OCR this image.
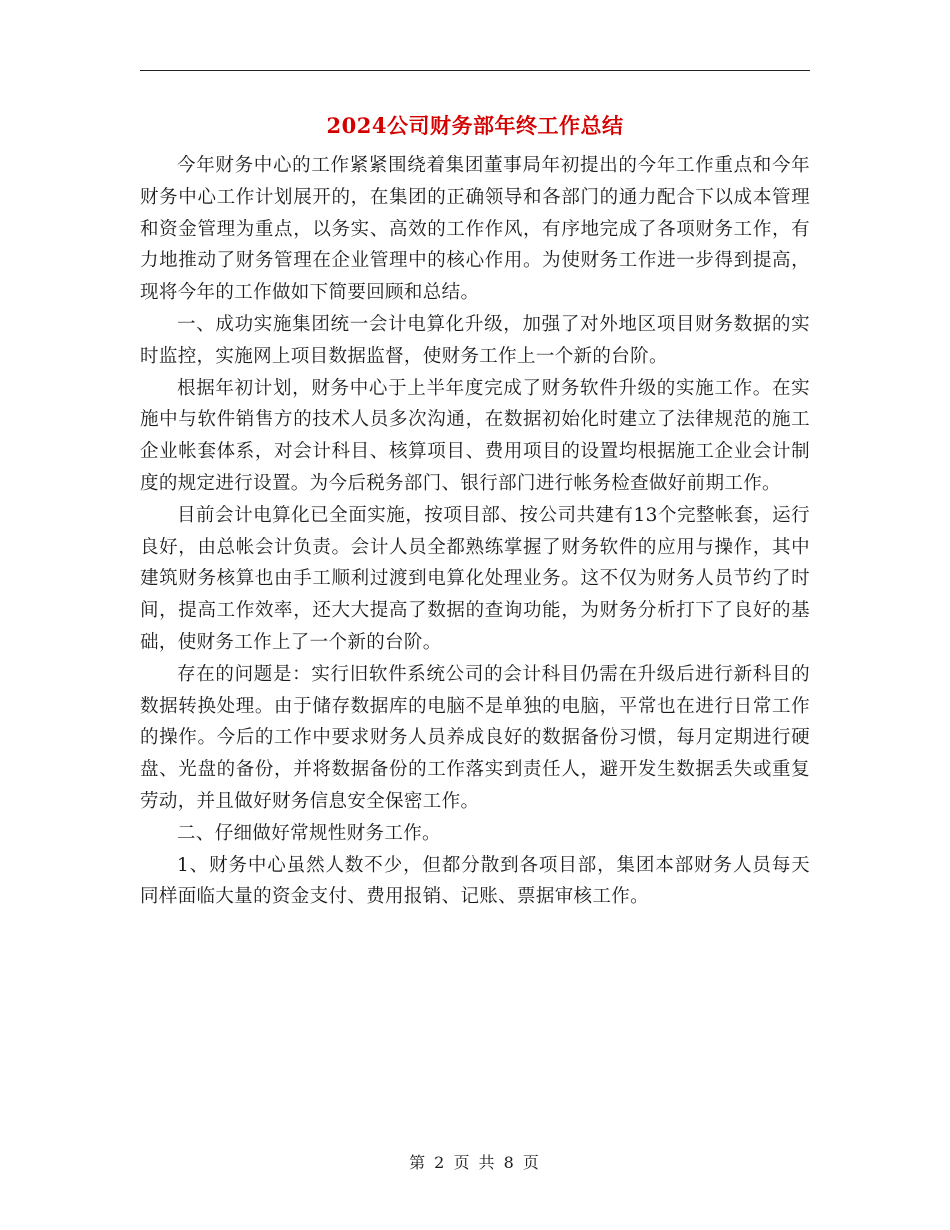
2024公司财务部年终工作总结

今年财务中心的工作紧紧围绕着集团董事局年初提出的今年工作重点和今年财务中心工作计划展开的，在集团的正确领导和各部门的通力配合下以成本管理和资金管理为重点，以务实、高效的工作作风，有序地完成了各项财务工作，有力地推动了财务管理在企业管理中的核心作用。为使财务工作进一步得到提高，现将今年的工作做如下简要回顾和总结。

一、成功实施集团统一会计电算化升级，加强了对外地区项目财务数据的实时监控，实施网上项目数据监督，使财务工作上一个新的台阶。

根据年初计划，财务中心于上半年度完成了财务软件升级的实施工作。在实施中与软件销售方的技术人员多次沟通，在数据初始化时建立了法律规范的施工企业帐套体系，对会计科目、核算项目、费用项目的设置均根据施工企业会计制度的规定进行设置。为今后税务部门、银行部门进行帐务检查做好前期工作。

目前会计电算化已全面实施，按项目部、按公司共建有13个完整帐套，运行良好，由总帐会计负责。会计人员全都熟练掌握了财务软件的应用与操作，其中建筑财务核算也由手工顺利过渡到电算化处理业务。这不仅为财务人员节约了时间，提高工作效率，还大大提高了数据的查询功能，为财务分析打下了良好的基础，使财务工作上了一个新的台阶。

存在的问题是：实行旧软件系统公司的会计科目仍需在升级后进行新科目的数据转换处理。由于储存数据库的电脑不是单独的电脑，平常也在进行日常工作的操作。今后的工作中要求财务人员养成良好的数据备份习惯，每月定期进行硬盘、光盘的备份，并将数据备份的工作落实到责任人，避开发生数据丢失或重复劳动，并且做好财务信息安全保密工作。

二、仔细做好常规性财务工作。

1、财务中心虽然人数不少，但都分散到各项目部，集团本部财务人员每天同样面临大量的资金支付、费用报销、记账、票据审核工作。

第 2 页 共 8 页
